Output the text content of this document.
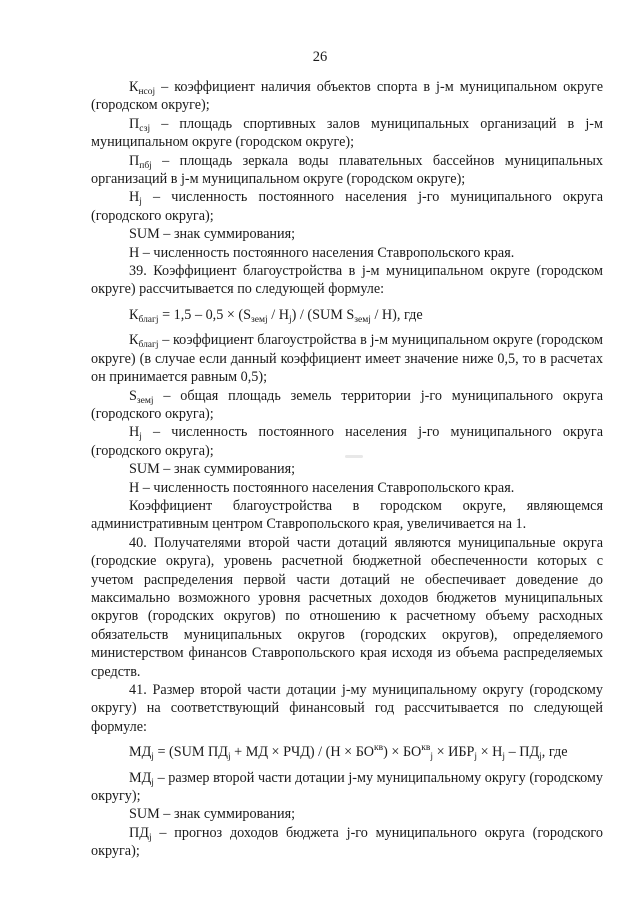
26

$К_{нсoj}$ – коэффициент наличия объектов спорта в j-м муниципальном округе (городском округе);

$П_{сзj}$ – площадь спортивных залов муниципальных организаций в j-м муниципальном округе (городском округе);

$П_{пбj}$ – площадь зеркала воды плавательных бассейнов муниципальных организаций в j-м муниципальном округе (городском округе);

$H_j$ – численность постоянного населения j-го муниципального округа (городского округа);

SUM – знак суммирования;

H – численность постоянного населения Ставропольского края.

39. Коэффициент благоустройства в j-м муниципальном округе (городском округе) рассчитывается по следующей формуле:

$К_{благj} = 1,5 - 0,5 \times (S_{земj} / H_j) / (SUM$ $S_{земj} / H$), где

$К_{благj}$ – коэффициент благоустройства в j-м муниципальном округе (городском округе) (в случае если данный коэффициент имеет значение ниже 0,5, то в расчетах он принимается равным 0,5);

$S_{земj}$ – общая площадь земель территории j-го муниципального округа (городского округа);

$H_j$ – численность постоянного населения j-го муниципального округа (городского округа);

SUM – знак суммирования;

H – численность постоянного населения Ставропольского края.

Коэффициент благоустройства в городском округе, являющемся административным центром Ставропольского края, увеличивается на 1.

40. Получателями второй части дотаций являются муниципальные округа (городские округа), уровень расчетной бюджетной обеспеченности которых с учетом распределения первой части дотаций не обеспечивает доведение до максимально возможного уровня расчетных доходов бюджетов муниципальных округов (городских округов) по отношению к расчетному объему расходных обязательств муниципальных округов (городских округов), определяемого министерством финансов Ставропольского края исходя из объема распределяемых средств.

41. Размер второй части дотации j-му муниципальному округу (городскому округу) на соответствующий финансовый год рассчитывается по следующей формуле:

$МД_j = (SUM$ $ПД_j$ + МД × $РЧД) / (H \times БО^{кв}) \times БО^{кв}_j \times ИБР_j \times H_j - ПД_j$, где

$МД_j$ – размер второй части дотации j-му муниципальному округу (городскому округу);

SUM – знак суммирования;

$ПД_j$ – прогноз доходов бюджета j-го муниципального округа (городского округа);
